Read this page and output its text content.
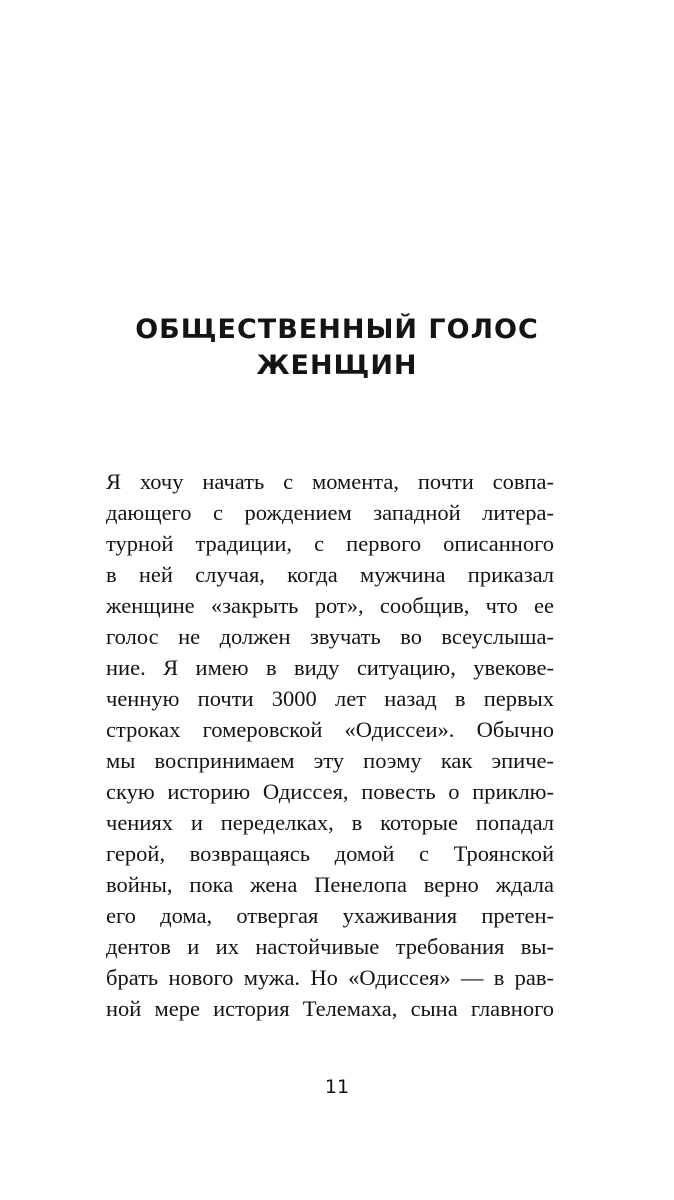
ОБЩЕСТВЕННЫЙ ГОЛОС
ЖЕНЩИН
Я хочу начать с момента, почти совпа-
дающего с рождением западной литера-
турной традиции, с первого описанного
в ней случая, когда мужчина приказал
женщине «закрыть рот», сообщив, что ее
голос не должен звучать во всеуслыша-
ние. Я имею в виду ситуацию, увекове-
ченную почти 3000 лет назад в первых
строках гомеровской «Одиссеи». Обычно
мы воспринимаем эту поэму как эпиче-
скую историю Одиссея, повесть о приклю-
чениях и переделках, в которые попадал
герой, возвращаясь домой с Троянской
войны, пока жена Пенелопа верно ждала
его дома, отвергая ухаживания претен-
дентов и их настойчивые требования вы-
брать нового мужа. Но «Одиссея» — в рав-
ной мере история Телемаха, сына главного
11
